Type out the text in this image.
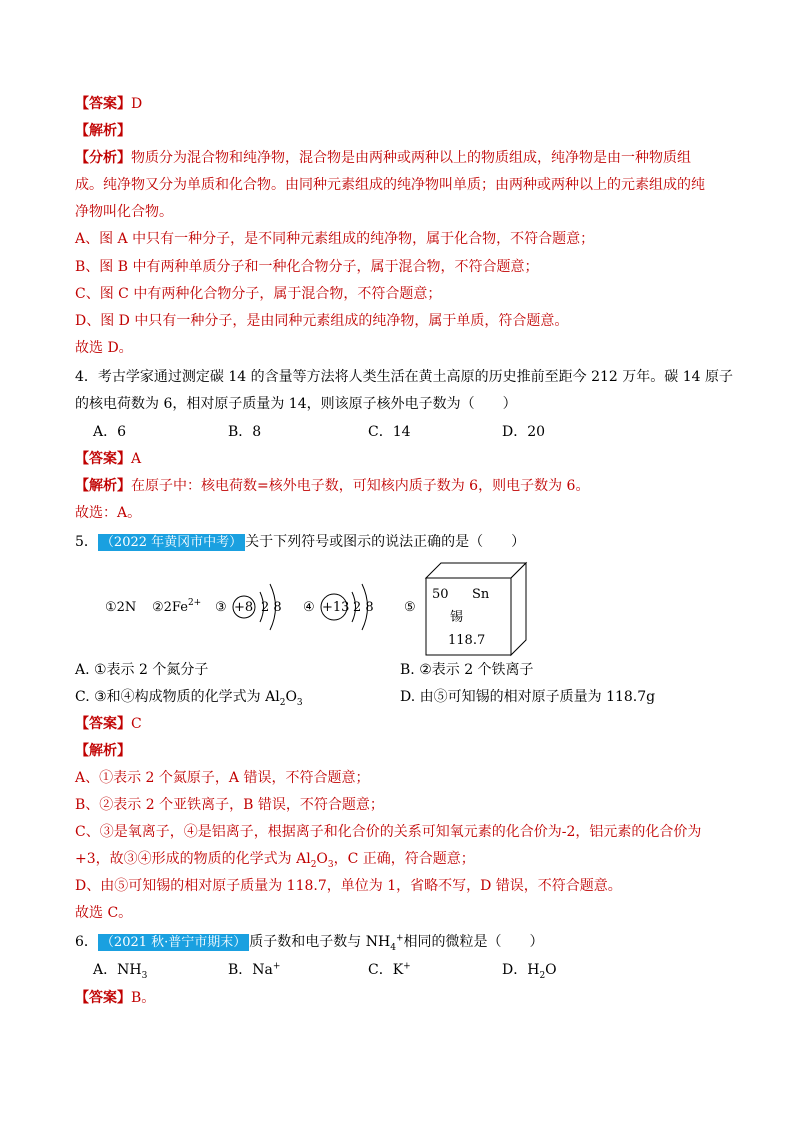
【答案】D
【解析】
【分析】物质分为混合物和纯净物，混合物是由两种或两种以上的物质组成，纯净物是由一种物质组
成。纯净物又分为单质和化合物。由同种元素组成的纯净物叫单质；由两种或两种以上的元素组成的纯
净物叫化合物。
A、图 A 中只有一种分子，是不同种元素组成的纯净物，属于化合物，不符合题意；
B、图 B 中有两种单质分子和一种化合物分子，属于混合物，不符合题意；
C、图 C 中有两种化合物分子，属于混合物，不符合题意；
D、图 D 中只有一种分子，是由同种元素组成的纯净物，属于单质，符合题意。
故选 D。
4．考古学家通过测定碳 14 的含量等方法将人类生活在黄土高原的历史推前至距今 212 万年。碳 14 原子
的核电荷数为 6，相对原子质量为 14，则该原子核外电子数为（　　）
A．6	B．8	C．14	D．20
【答案】A
【解析】在原子中：核电荷数=核外电子数，可知核内质子数为 6，则电子数为 6。
故选：A。
5． （2022 年黄冈市中考） 关于下列符号或图示的说法正确的是（　　）
①2N $②2Fe^{2+}$ ③ +8 2 8 ④ +13 2 8 ⑤
50 Sn
锡
118.7
A. ①表示 2 个氮分子	B. ②表示 2 个铁离子
C. ③和④构成物质的化学式为 $Al_2O_3$	D. 由⑤可知锡的相对原子质量为 118.7g
【答案】C
【解析】
A、①表示 2 个氮原子，A 错误，不符合题意；
B、②表示 2 个亚铁离子，B 错误，不符合题意；
C、③是氧离子，④是铝离子，根据离子和化合价的关系可知氧元素的化合价为-2，铝元素的化合价为
+3，故③④形成的物质的化学式为 $Al_2O_3$，C 正确，符合题意；
D、由⑤可知锡的相对原子质量为 118.7，单位为 1，省略不写，D 错误，不符合题意。
故选 C。
6． （2021 秋·普宁市期末） 质子数和电子数与 $NH_4^+$相同的微粒是（　　）
A．$NH_3$	B．Na+	C．K+	D．$H_2O$
【答案】B。
